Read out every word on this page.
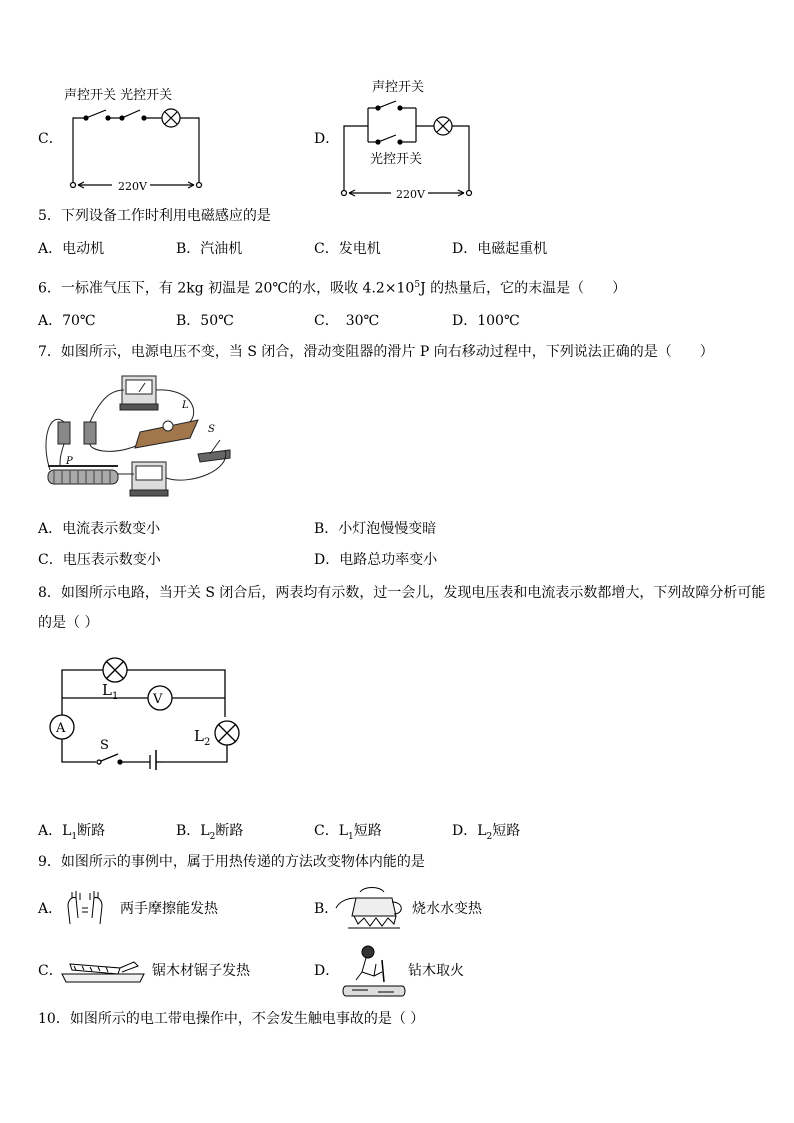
C．
声控开关 光控开关
220V
D．
声控开关
光控开关
220V
5．下列设备工作时利用电磁感应的是
A．电动机	B．汽油机	C．发电机	D．电磁起重机
6．一标准气压下，有 2kg 初温是 20℃的水，吸收 $4.2\times 10^5J$ 的热量后，它的末温是（　　）
A．70℃	B．50℃	C．　30℃	D．100℃
7．如图所示，电源电压不变，当 S 闭合，滑动变阻器的滑片 P 向右移动过程中，下列说法正确的是（　　）
L
S
P
A．电流表示数变小	B．小灯泡慢慢变暗
C．电压表示数变小	D．电路总功率变小
8．如图所示电路，当开关 S 闭合后，两表均有示数，过一会儿，发现电压表和电流表示数都增大，下列故障分析可能
的是（ ）
V
A
L 1
L 2
S
A．$L_1$断路	B．$L_2$断路	C．$L_1$短路	D．$L_2$短路
9．如图所示的事例中，属于用热传递的方法改变物体内能的是
A．	两手摩擦能发热	B．	烧水水变热
C．	锯木材锯子发热	D．	钻木取火
10．如图所示的电工带电操作中，不会发生触电事故的是（ ）
